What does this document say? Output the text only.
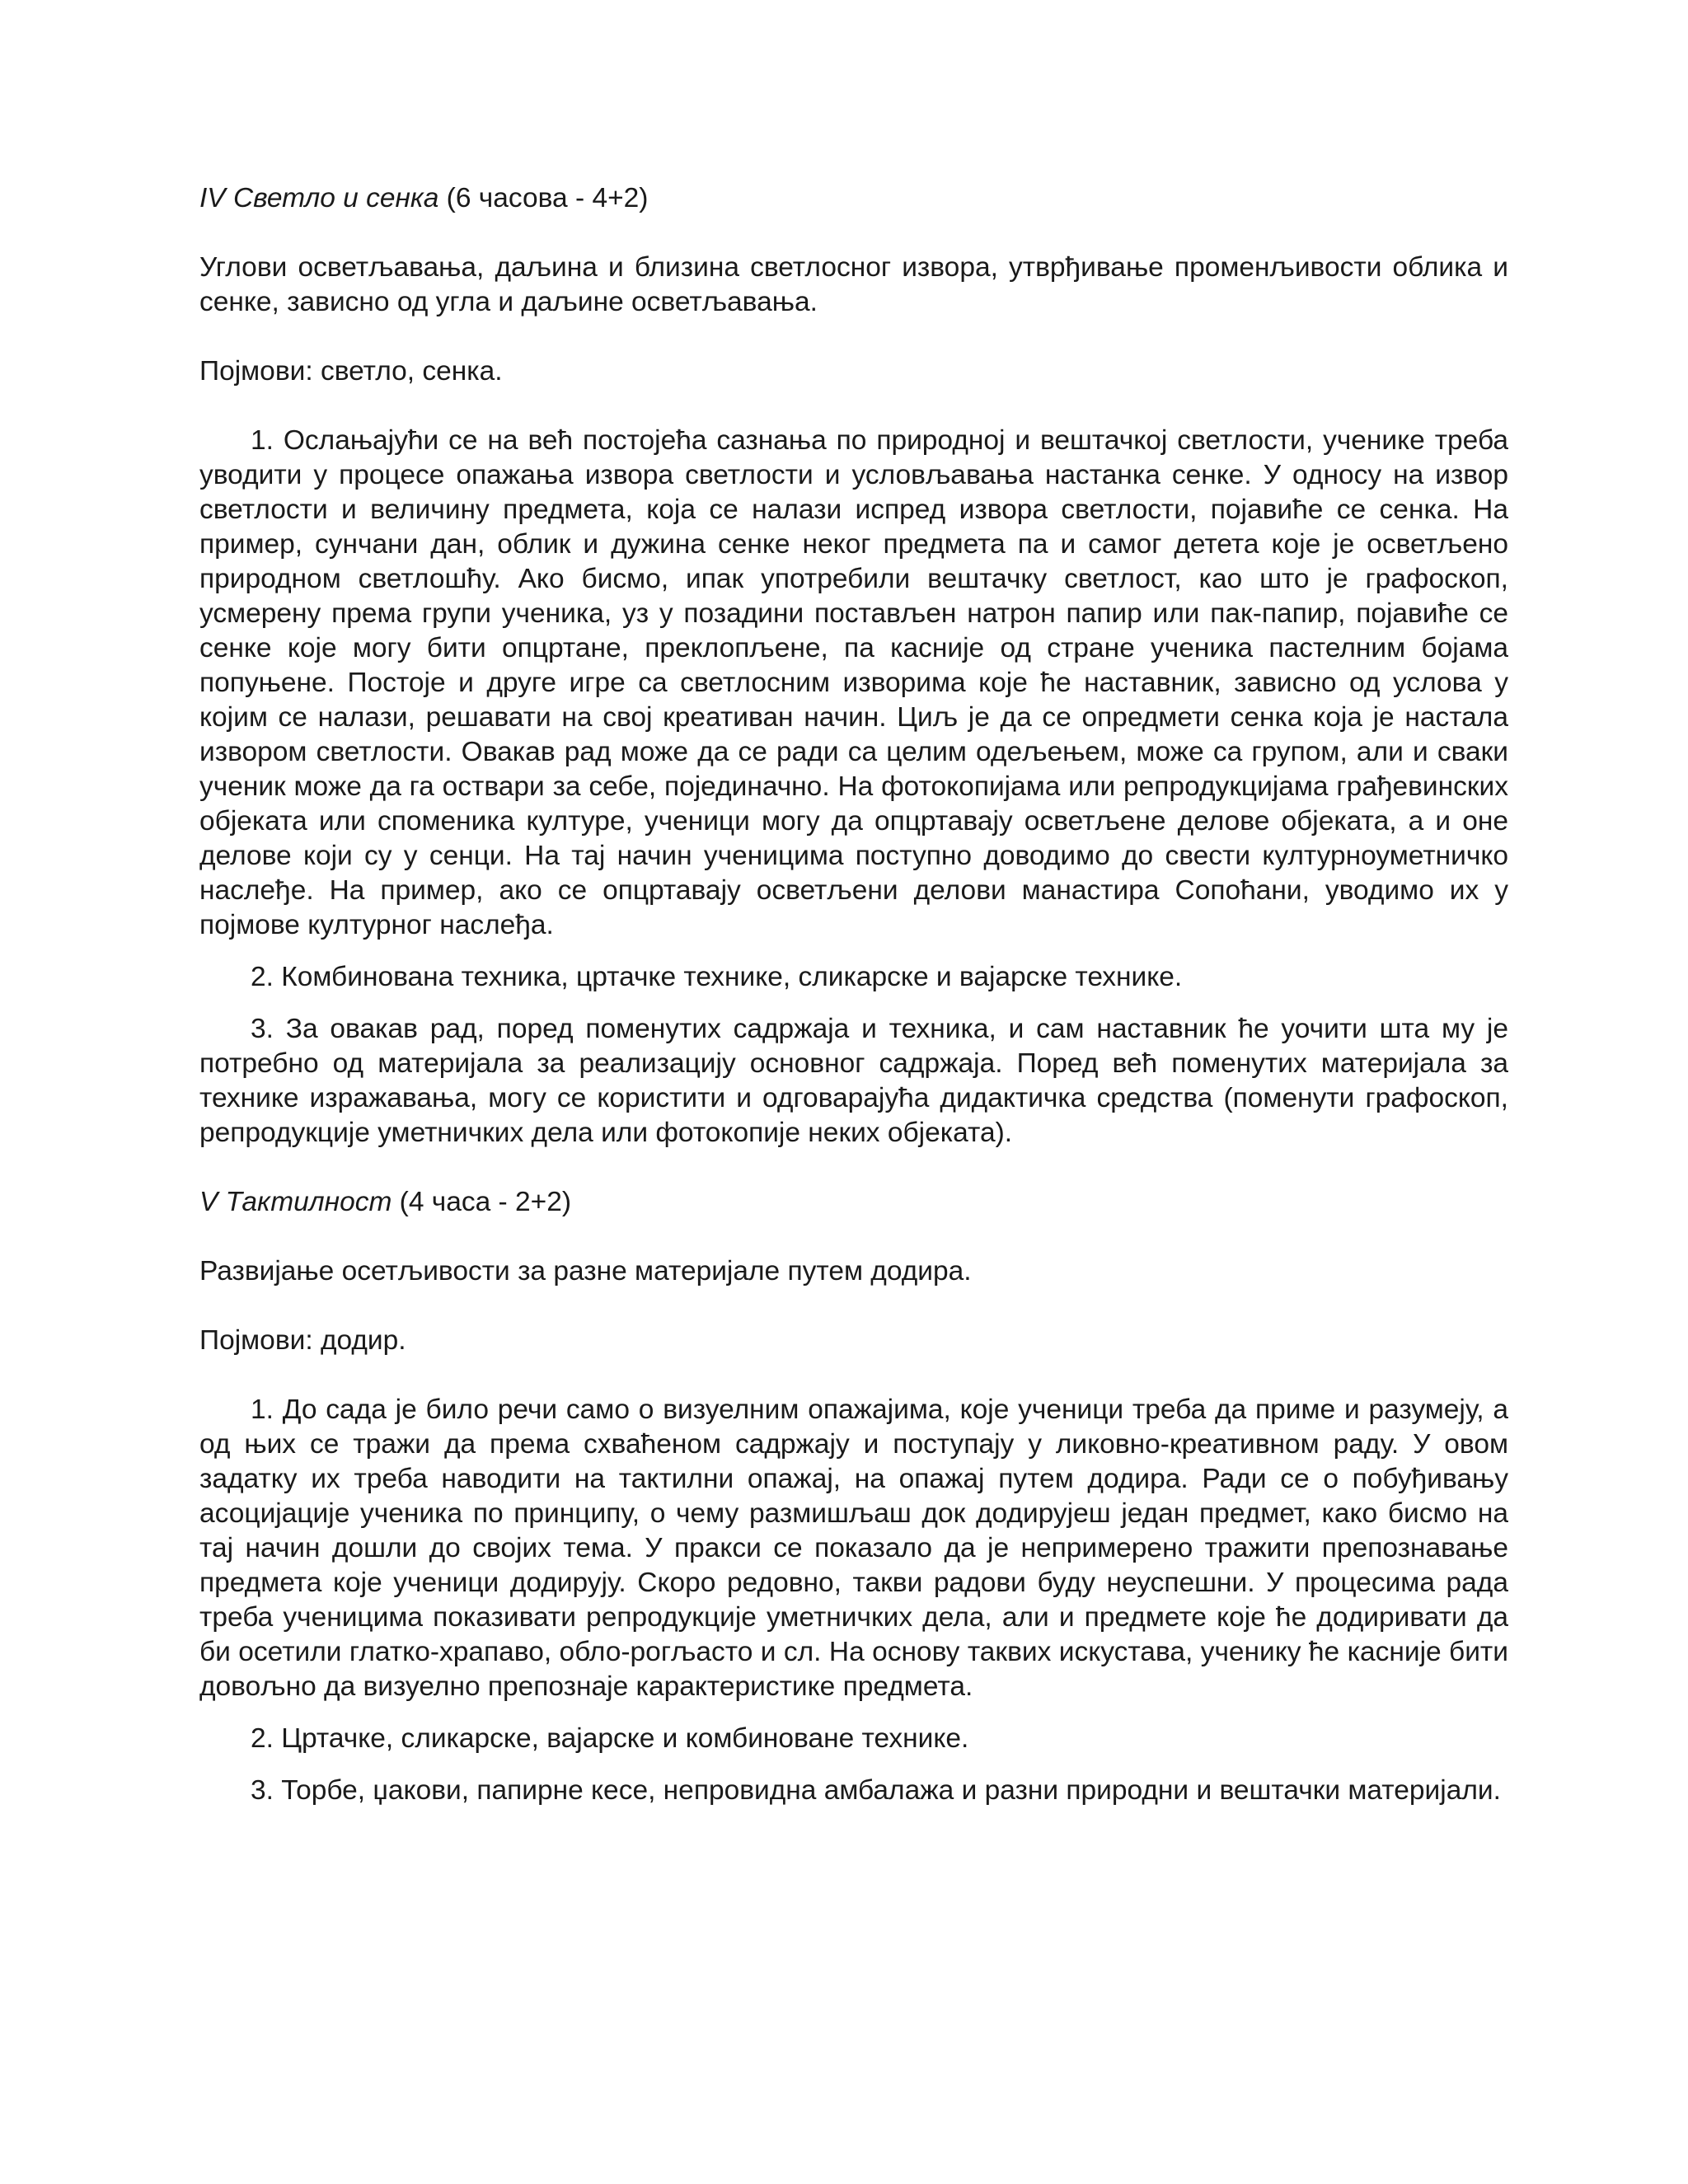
IV Светло и сенка (6 часова - 4+2)

Углови осветљавања, даљина и близина светлосног извора, утврђивање променљивости облика и сенке, зависно од угла и даљине осветљавања.

Појмови: светло, сенка.

1. Ослањајући се на већ постојећа сазнања по природној и вештачкој светлости, ученике треба уводити у процесе опажања извора светлости и условљавања настанка сенке. У односу на извор светлости и величину предмета, која се налази испред извора светлости, појавиће се сенка. На пример, сунчани дан, облик и дужина сенке неког предмета па и самог детета које је осветљено природном светлошћу. Ако бисмо, ипак употребили вештачку светлост, као што је графоскоп, усмерену према групи ученика, уз у позадини постављен натрон папир или пак-папир, појавиће се сенке које могу бити опцртане, преклопљене, па касније од стране ученика пастелним бојама попуњене. Постоје и друге игре са светлосним изворима које ће наставник, зависно од услова у којим се налази, решавати на свој креативан начин. Циљ је да се опредмети сенка која је настала извором светлости. Овакав рад може да се ради са целим одељењем, може са групом, али и сваки ученик може да га оствари за себе, појединачно. На фотокопијама или репродукцијама грађевинских објеката или споменика културе, ученици могу да опцртавају осветљене делове објеката, а и оне делове који су у сенци. На тај начин ученицима поступно доводимо до свести културноуметничко наслеђе. На пример, ако се опцртавају осветљени делови манастира Сопоћани, уводимо их у појмове културног наслеђа.

2. Комбинована техника, цртачке технике, сликарске и вајарске технике.

3. За овакав рад, поред поменутих садржаја и техника, и сам наставник ће уочити шта му је потребно од материјала за реализацију основног садржаја. Поред већ поменутих материјала за технике изражавања, могу се користити и одговарајућа дидактичка средства (поменути графоскоп, репродукције уметничких дела или фотокопије неких објеката).

V Тактилност (4 часа - 2+2)

Развијање осетљивости за разне материјале путем додира.

Појмови: додир.

1. До сада је било речи само о визуелним опажајима, које ученици треба да приме и разумеју, а од њих се тражи да према схваћеном садржају и поступају у ликовно-креативном раду. У овом задатку их треба наводити на тактилни опажај, на опажај путем додира. Ради се о побуђивању асоцијације ученика по принципу, о чему размишљаш док додирујеш један предмет, како бисмо на тај начин дошли до својих тема. У пракси се показало да је непримерено тражити препознавање предмета које ученици додирују. Скоро редовно, такви радови буду неуспешни. У процесима рада треба ученицима показивати репродукције уметничких дела, али и предмете које ће додиривати да би осетили глатко-храпаво, обло-рогљасто и сл. На основу таквих искустава, ученику ће касније бити довољно да визуелно препознаје карактеристике предмета.

2. Цртачке, сликарске, вајарске и комбиноване технике.

3. Торбе, џакови, папирне кесе, непровидна амбалажа и разни природни и вештачки материјали.
